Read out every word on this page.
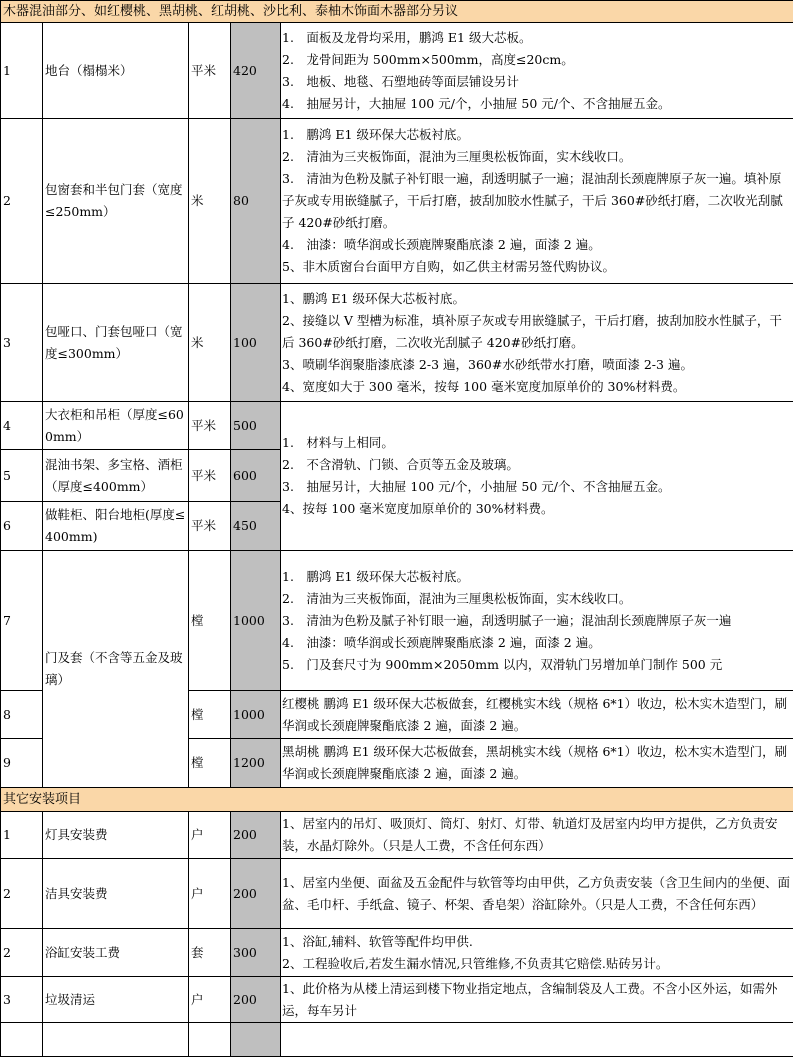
木器混油部分、如红樱桃、黑胡桃、红胡桃、沙比利、泰柚木饰面木器部分另议				
1	地台（榻榻米）	平米	420	1.　面板及龙骨均采用，鹏鸿 E1 级大芯板。
2.　龙骨间距为 500mm×500mm，高度≤20cm。
3.　地板、地毯、石塑地砖等面层铺设另计
4.　抽屉另计，大抽屉 100 元/个，小抽屉 50 元/个、不含抽屉五金。

2	包窗套和半包门套（宽度≤250mm）	米	80	1.　鹏鸿 E1 级环保大芯板衬底。
2.　清油为三夹板饰面，混油为三厘奥松板饰面，实木线收口。
3.　清油为色粉及腻子补钉眼一遍，刮透明腻子一遍；混油刮长颈鹿牌原子灰一遍。填补原子灰或专用嵌缝腻子，干后打磨，披刮加胶水性腻子，干后 360#砂纸打磨，二次收光刮腻子 420#砂纸打磨。
4.　油漆：喷华润或长颈鹿牌聚酯底漆 2 遍，面漆 2 遍。
5、非木质窗台台面甲方自购，如乙供主材需另签代购协议。

3	包哑口、门套包哑口（宽度≤300mm）	米	100	1、鹏鸿 E1 级环保大芯板衬底。
2、接缝以 V 型槽为标准，填补原子灰或专用嵌缝腻子，干后打磨，披刮加胶水性腻子，干后 360#砂纸打磨，二次收光刮腻子 420#砂纸打磨。
3、喷刷华润聚脂漆底漆 2-3 遍，360#水砂纸带水打磨，喷面漆 2-3 遍。
4、宽度如大于 300 毫米，按每 100 毫米宽度加原单价的 30%材料费。

4	大衣柜和吊柜（厚度≤600mm）	平米	500	1.　材料与上相同。
2.　不含滑轨、门锁、合页等五金及玻璃。
3.　抽屉另计，大抽屉 100 元/个，小抽屉 50 元/个、不含抽屉五金。
4、按每 100 毫米宽度加原单价的 30%材料费。

5	混油书架、多宝格、酒柜（厚度≤400mm）	平米	600	
6	做鞋柜、阳台地柜(厚度≤400mm)	平米	450	
7	门及套（不含等五金及玻璃）	樘	1000	1.　鹏鸿 E1 级环保大芯板衬底。
2.　清油为三夹板饰面，混油为三厘奥松板饰面，实木线收口。
3.　清油为色粉及腻子补钉眼一遍，刮透明腻子一遍；混油刮长颈鹿牌原子灰一遍
4.　油漆：喷华润或长颈鹿牌聚酯底漆 2 遍，面漆 2 遍。
5.　门及套尺寸为 900mm×2050mm 以内，双滑轨门另增加单门制作 500 元

8		樘	1000	红樱桃 鹏鸿 E1 级环保大芯板做套，红樱桃实木线（规格 6*1）收边，松木实木造型门，刷华润或长颈鹿牌聚酯底漆 2 遍，面漆 2 遍。

9		樘	1200	黑胡桃 鹏鸿 E1 级环保大芯板做套，黑胡桃实木线（规格 6*1）收边，松木实木造型门，刷华润或长颈鹿牌聚酯底漆 2 遍，面漆 2 遍。

其它安装项目				
1	灯具安装费	户	200	1、居室内的吊灯、吸顶灯、筒灯、射灯、灯带、轨道灯及居室内均甲方提供，乙方负责安装，水晶灯除外。（只是人工费，不含任何东西）

2	洁具安装费	户	200	1、居室内坐便、面盆及五金配件与软管等均由甲供，乙方负责安装（含卫生间内的坐便、面盆、毛巾杆、手纸盒、镜子、杯架、香皂架）浴缸除外。（只是人工费，不含任何东西）

2	浴缸安装工费	套	300	1、浴缸,辅料、软管等配件均甲供.
2、工程验收后,若发生漏水情况,只管维修,不负责其它赔偿.贴砖另计。

3	垃圾清运	户	200	1、此价格为从楼上清运到楼下物业指定地点，含编制袋及人工费。不含小区外运，如需外运，每车另计
